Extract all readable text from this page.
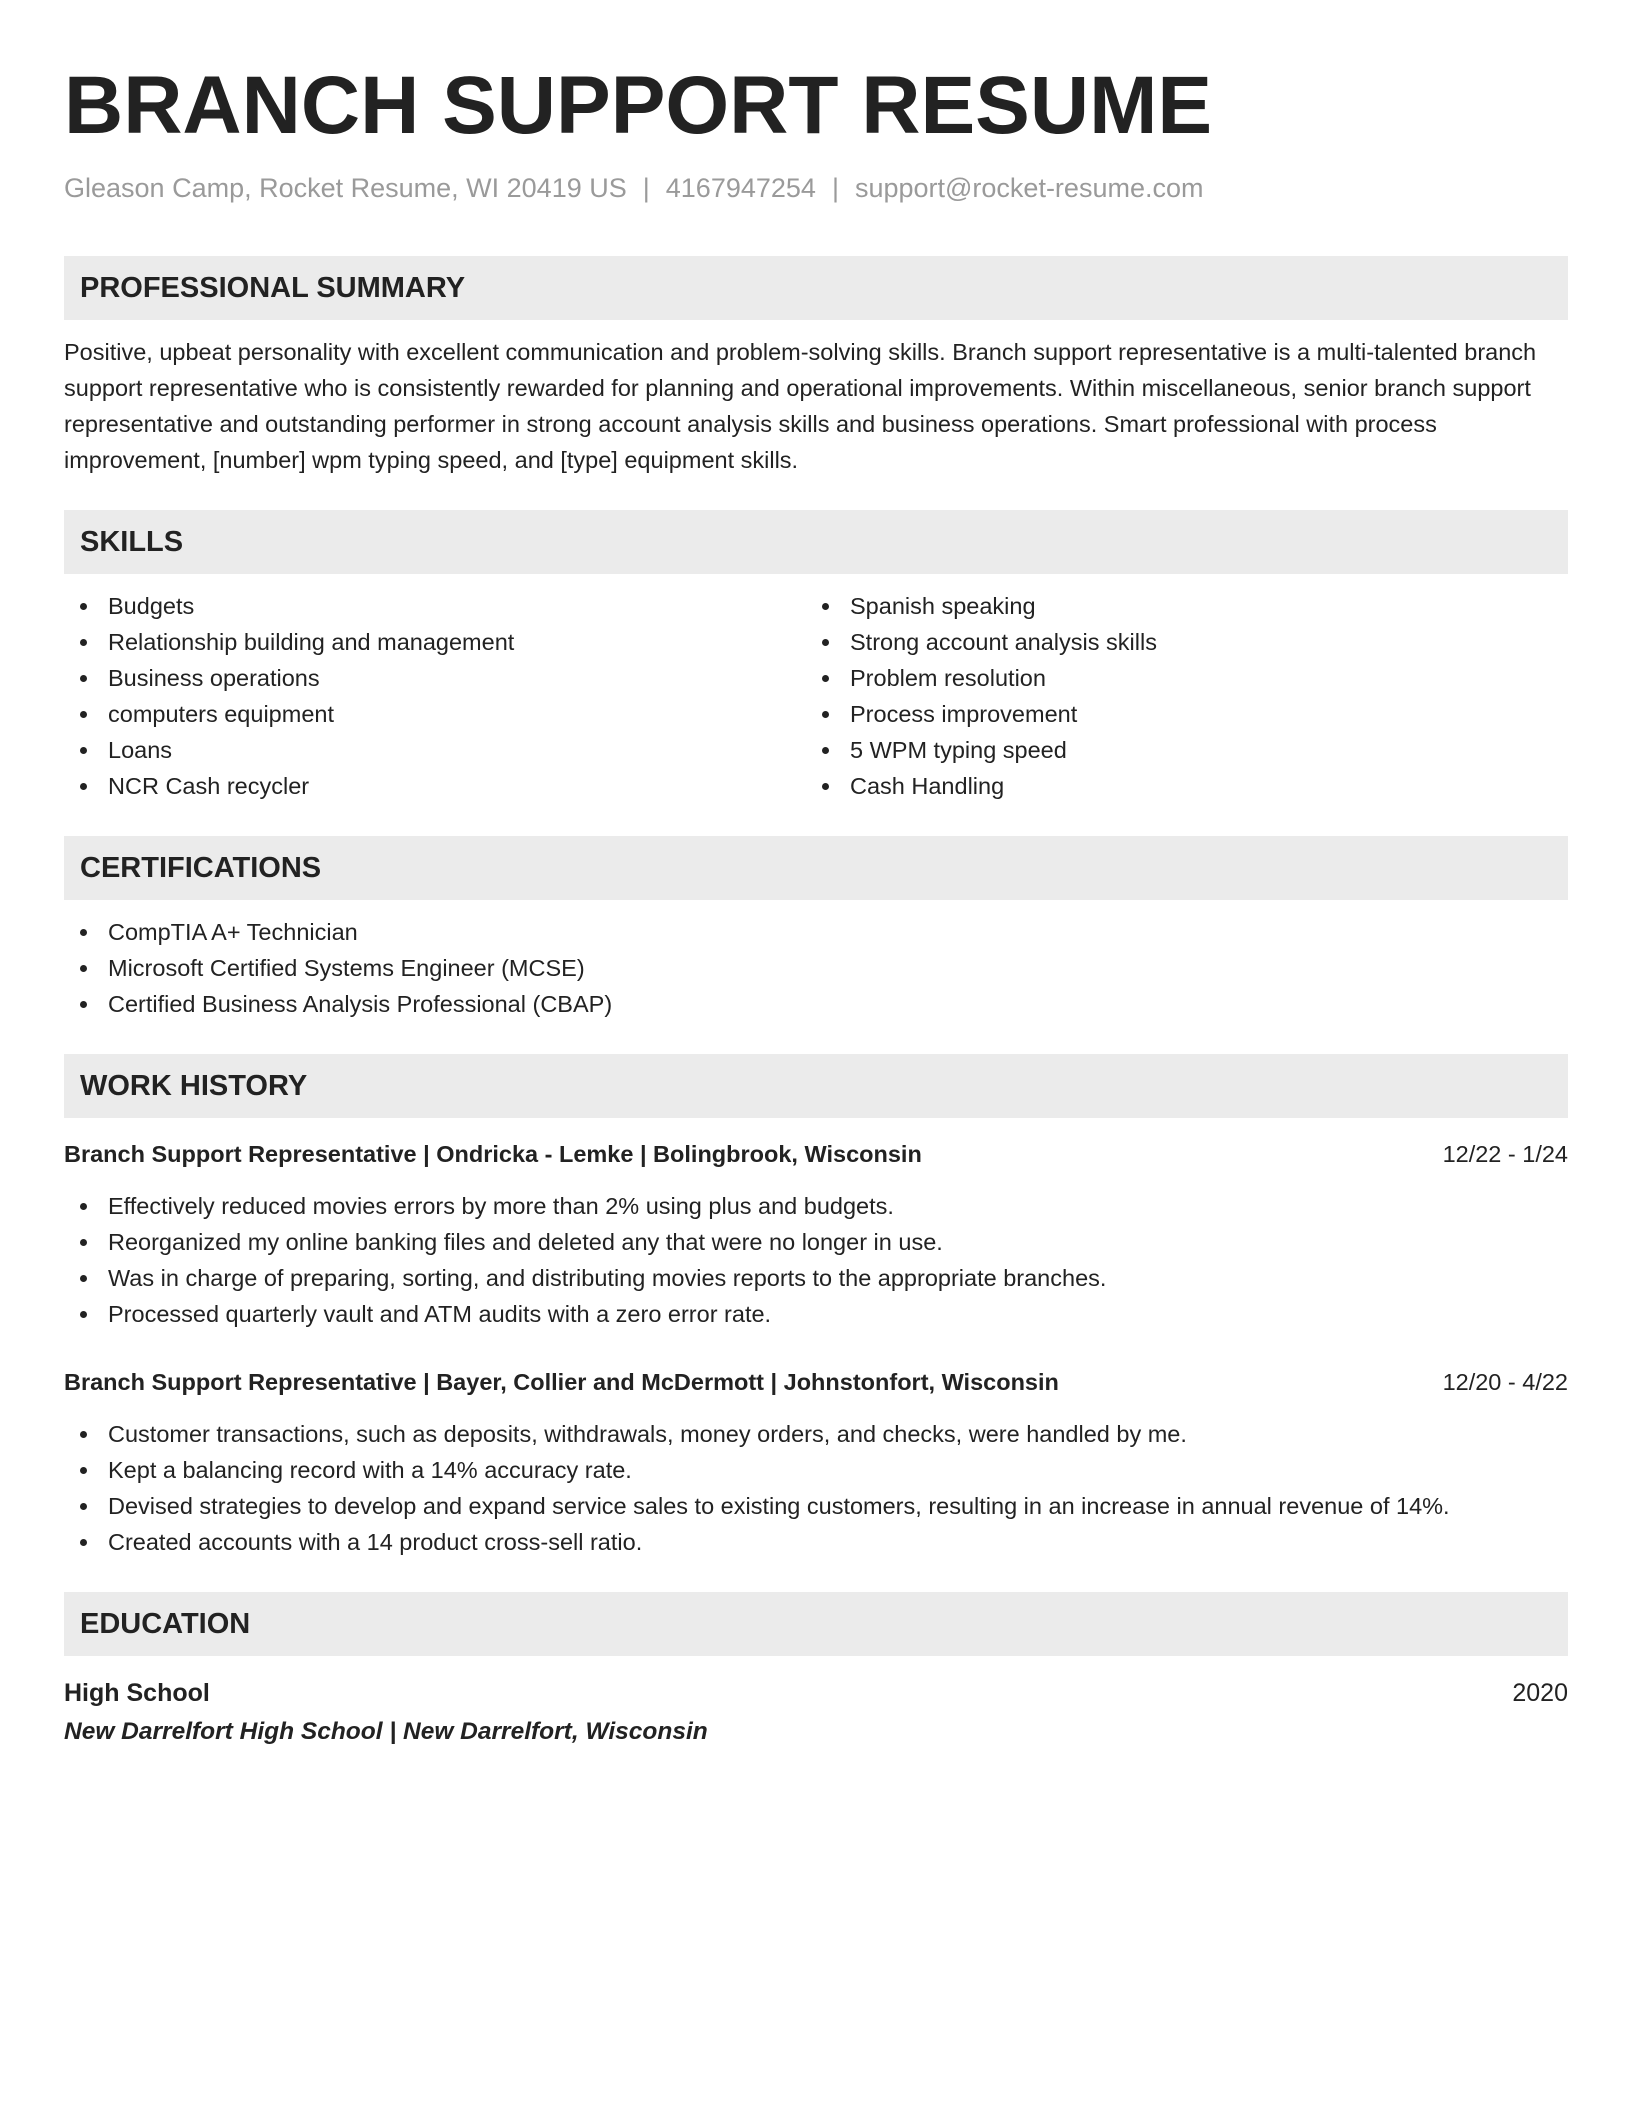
BRANCH SUPPORT RESUME
Gleason Camp, Rocket Resume, WI 20419 US | 4167947254 | support@rocket-resume.com
PROFESSIONAL SUMMARY

Positive, upbeat personality with excellent communication and problem-solving skills. Branch support representative is a multi-talented branch support representative who is consistently rewarded for planning and operational improvements. Within miscellaneous, senior branch support representative and outstanding performer in strong account analysis skills and business operations. Smart professional with process improvement, [number] wpm typing speed, and [type] equipment skills.

SKILLS
Budgets
Relationship building and management
Business operations
computers equipment
Loans
NCR Cash recycler
Spanish speaking
Strong account analysis skills
Problem resolution
Process improvement
5 WPM typing speed
Cash Handling
CERTIFICATIONS
CompTIA A+ Technician
Microsoft Certified Systems Engineer (MCSE)
Certified Business Analysis Professional (CBAP)
WORK HISTORY
Branch Support Representative | Ondricka - Lemke | Bolingbrook, Wisconsin	12/22 - 1/24
Effectively reduced movies errors by more than 2% using plus and budgets.
Reorganized my online banking files and deleted any that were no longer in use.
Was in charge of preparing, sorting, and distributing movies reports to the appropriate branches.
Processed quarterly vault and ATM audits with a zero error rate.
Branch Support Representative | Bayer, Collier and McDermott | Johnstonfort, Wisconsin	12/20 - 4/22
Customer transactions, such as deposits, withdrawals, money orders, and checks, were handled by me.
Kept a balancing record with a 14% accuracy rate.
Devised strategies to develop and expand service sales to existing customers, resulting in an increase in annual revenue of 14%.
Created accounts with a 14 product cross-sell ratio.
EDUCATION
High School	2020
New Darrelfort High School | New Darrelfort, Wisconsin
